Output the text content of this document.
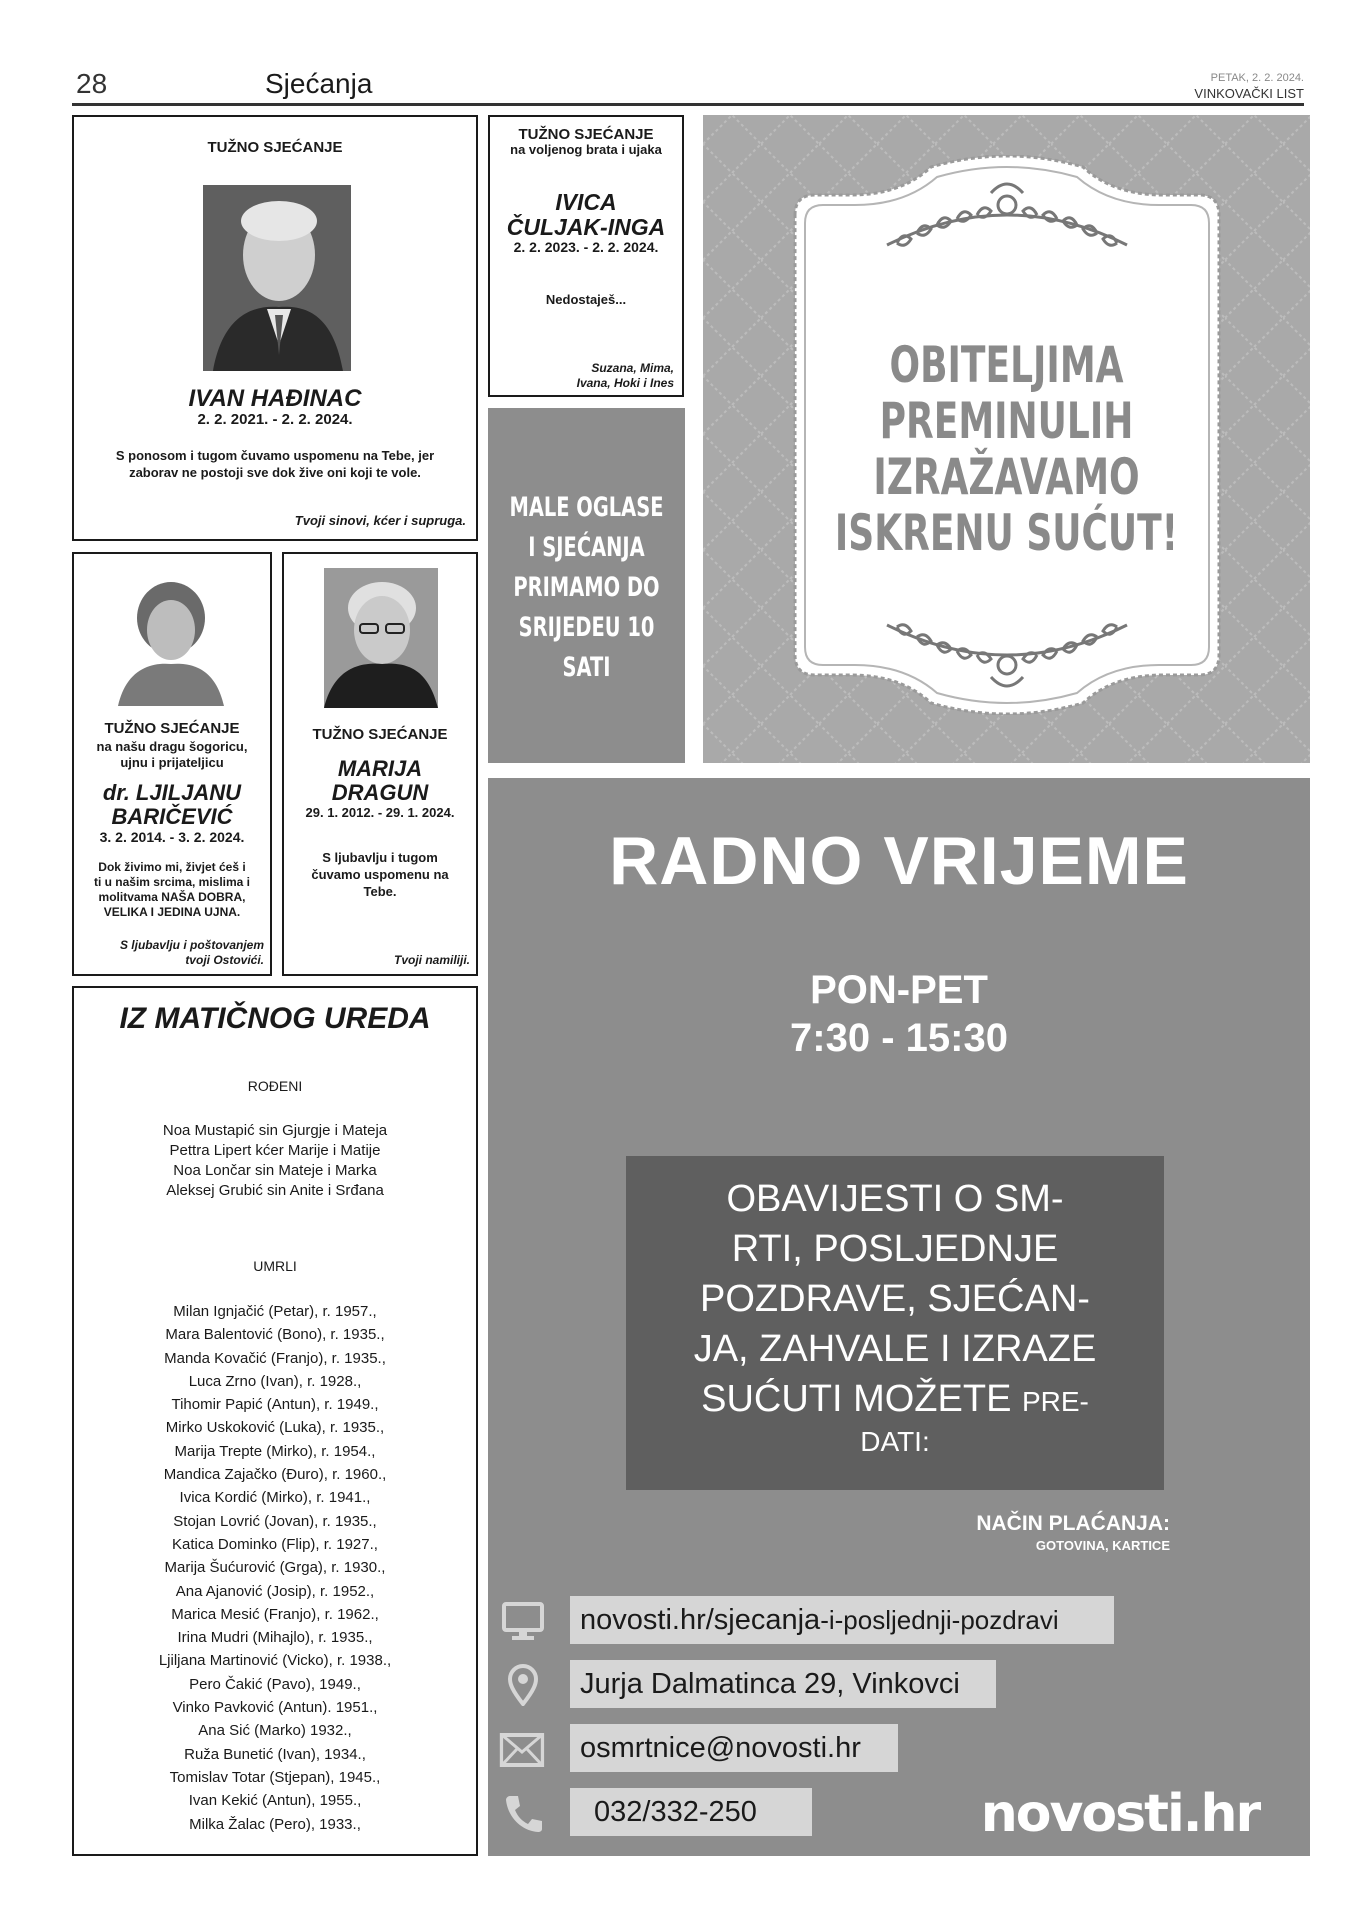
28	Sjećanja	PETAK, 2. 2. 2024.
VINKOVAČKI LIST
TUŽNO SJEĆANJE
IVAN HAĐINAC
2. 2. 2021. - 2. 2. 2024.
S ponosom i tugom čuvamo uspomenu na Tebe, jer zaborav ne postoji sve dok žive oni koji te vole.
Tvoji sinovi, kćer i supruga.
TUŽNO SJEĆANJE
na voljenog brata i ujaka
IVICA
ČULJAK-INGA
2. 2. 2023. - 2. 2. 2024.
Nedostaješ...
Suzana, Mima,
Ivana, Hoki i Ines
MALE OGLASE
I SJEĆANJA
PRIMAMO DO
SRIJEDEU 10
SATI
OBITELJIMA
PREMINULIH
IZRAŽAVAMO
ISKRENU SUĆUT!
TUŽNO SJEĆANJE
na našu dragu šogoricu,
ujnu i prijateljicu
dr. LJILJANU
BARIČEVIĆ
3. 2. 2014. - 3. 2. 2024.
Dok živimo mi, živjet ćeš i
ti u našim srcima, mislima i
molitvama NAŠA DOBRA,
VELIKA I JEDINA UJNA.
S ljubavlju i poštovanjem
tvoji Ostovići.
TUŽNO SJEĆANJE
MARIJA
DRAGUN
29. 1. 2012. - 29. 1. 2024.
S ljubavlju i tugom
čuvamo uspomenu na
Tebe.
Tvoji namiliji.
IZ MATIČNOG UREDA
ROĐENI
Noa Mustapić sin Gjurgje i Mateja
Pettra Lipert kćer Marije i Matije
Noa Lončar sin Mateje i Marka
Aleksej Grubić sin Anite i Srđana
UMRLI
Milan Ignjačić (Petar), r. 1957.,
Mara Balentović (Bono), r. 1935.,
Manda Kovačić (Franjo), r. 1935.,
Luca Zrno (Ivan), r. 1928.,
Tihomir Papić (Antun), r. 1949.,
Mirko Uskoković (Luka), r. 1935.,
Marija Trepte (Mirko), r. 1954.,
Mandica Zajačko (Đuro), r. 1960.,
Ivica Kordić (Mirko), r. 1941.,
Stojan Lovrić (Jovan), r. 1935.,
Katica Dominko (Flip), r. 1927.,
Marija Šućurović (Grga), r. 1930.,
Ana Ajanović (Josip), r. 1952.,
Marica Mesić (Franjo), r. 1962.,
Irina Mudri (Mihajlo), r. 1935.,
Ljiljana Martinović (Vicko), r. 1938.,
Pero Čakić (Pavo), 1949.,
Vinko Pavković (Antun). 1951.,
Ana Sić (Marko) 1932.,
Ruža Bunetić (Ivan), 1934.,
Tomislav Totar (Stjepan), 1945.,
Ivan Kekić (Antun), 1955.,
Milka Žalac (Pero), 1933.,
RADNO VRIJEME
PON-PET
7:30 - 15:30
OBAVIJESTI O SM-
RTI, POSLJEDNJE
POZDRAVE, SJEĆAN-
JA, ZAHVALE I IZRAZE
SUĆUTI MOŽETE PRE-
DATI:
NAČIN PLAĆANJA:
GOTOVINA, KARTICE
novosti.hr/sjecanja-i-posljednji-pozdravi
Jurja Dalmatinca 29, Vinkovci
osmrtnice@novosti.hr
032/332-250	novosti.hr
